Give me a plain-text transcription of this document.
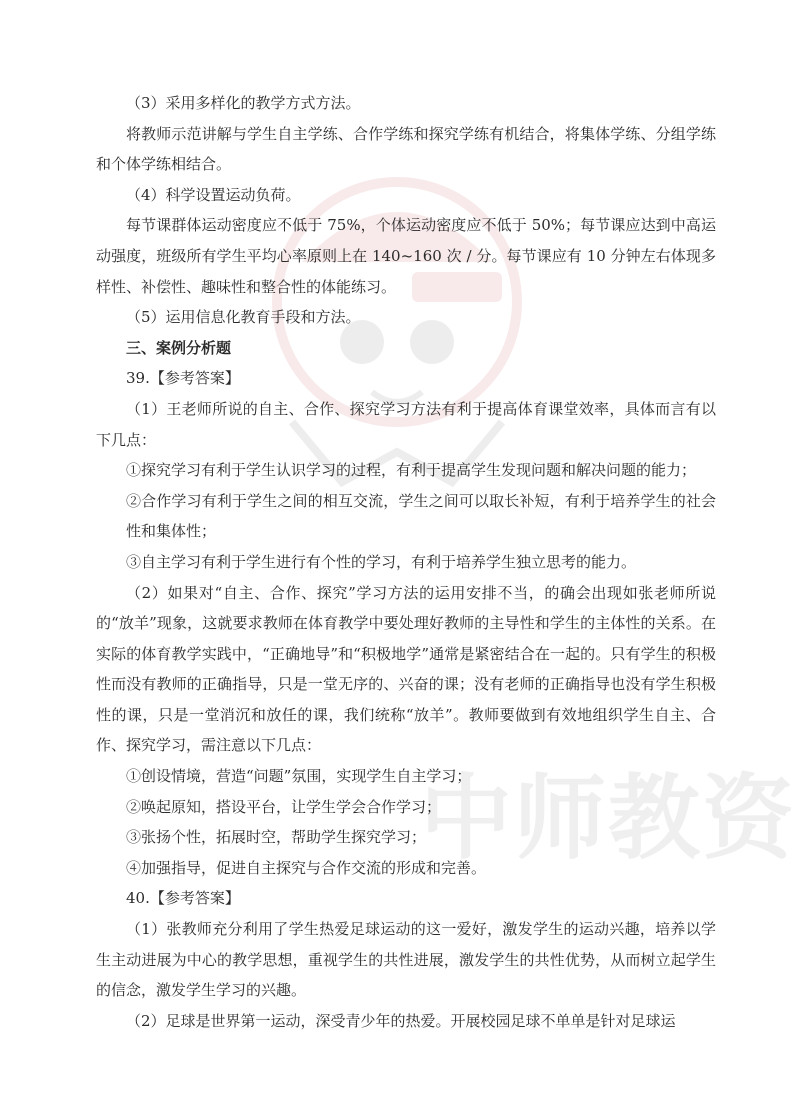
中师教资

（3）采用多样化的教学方式方法。

将教师示范讲解与学生自主学练、合作学练和探究学练有机结合，将集体学练、分组学练和个体学练相结合。

（4）科学设置运动负荷。

每节课群体运动密度应不低于 75%，个体运动密度应不低于 50%；每节课应达到中高运动强度，班级所有学生平均心率原则上在 140~160 次 / 分。每节课应有 10 分钟左右体现多样性、补偿性、趣味性和整合性的体能练习。

（5）运用信息化教育手段和方法。

三、案例分析题

39.【参考答案】

（1）王老师所说的自主、合作、探究学习方法有利于提高体育课堂效率，具体而言有以下几点：

①探究学习有利于学生认识学习的过程，有利于提高学生发现问题和解决问题的能力；

②合作学习有利于学生之间的相互交流，学生之间可以取长补短，有利于培养学生的社会性和集体性；

③自主学习有利于学生进行有个性的学习，有利于培养学生独立思考的能力。

（2）如果对“自主、合作、探究”学习方法的运用安排不当，的确会出现如张老师所说的“放羊”现象，这就要求教师在体育教学中要处理好教师的主导性和学生的主体性的关系。在实际的体育教学实践中，“正确地导”和“积极地学”通常是紧密结合在一起的。只有学生的积极性而没有教师的正确指导，只是一堂无序的、兴奋的课；没有老师的正确指导也没有学生积极性的课，只是一堂消沉和放任的课，我们统称“放羊”。教师要做到有效地组织学生自主、合作、探究学习，需注意以下几点：

①创设情境，营造“问题”氛围，实现学生自主学习；

②唤起原知，搭设平台，让学生学会合作学习；

③张扬个性，拓展时空，帮助学生探究学习；

④加强指导，促进自主探究与合作交流的形成和完善。

40.【参考答案】

（1）张教师充分利用了学生热爱足球运动的这一爱好，激发学生的运动兴趣，培养以学生主动进展为中心的教学思想，重视学生的共性进展，激发学生的共性优势，从而树立起学生的信念，激发学生学习的兴趣。

（2）足球是世界第一运动，深受青少年的热爱。开展校园足球不单单是针对足球运
